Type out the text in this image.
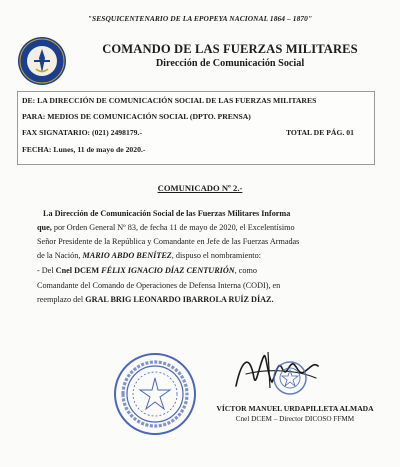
"SESQUICENTENARIO DE LA EPOPEYA NACIONAL 1864 – 1870"
COMANDO DE LAS FUERZAS MILITARES
Dirección de Comunicación Social
DE: LA DIRECCIÓN DE COMUNICACIÓN SOCIAL DE LAS FUERZAS MILITARES
PARA: MEDIOS DE COMUNICACIÓN SOCIAL (DPTO. PRENSA)
FAX SIGNATARIO: (021) 2498179.-	TOTAL DE PÁG. 01
FECHA: Lunes, 11 de mayo de 2020.-
COMUNICADO Nº 2.-
La Dirección de Comunicación Social de las Fuerzas Militares Informa
que, por Orden General Nº 83, de fecha 11 de mayo de 2020, el Excelentísimo
Señor Presidente de la República y Comandante en Jefe de las Fuerzas Armadas
de la Nación, MARIO ABDO BENÍTEZ, dispuso el nombramiento:
- Del Cnel DCEM FÉLIX IGNACIO DÍAZ CENTURIÓN, como
Comandante del Comando de Operaciones de Defensa Interna (CODI), en
reemplazo del GRAL BRIG LEONARDO IBARROLA RUÍZ DÍAZ.
VÍCTOR MANUEL URDAPILLETA ALMADA
Cnel DCEM – Director DICOSO FFMM
